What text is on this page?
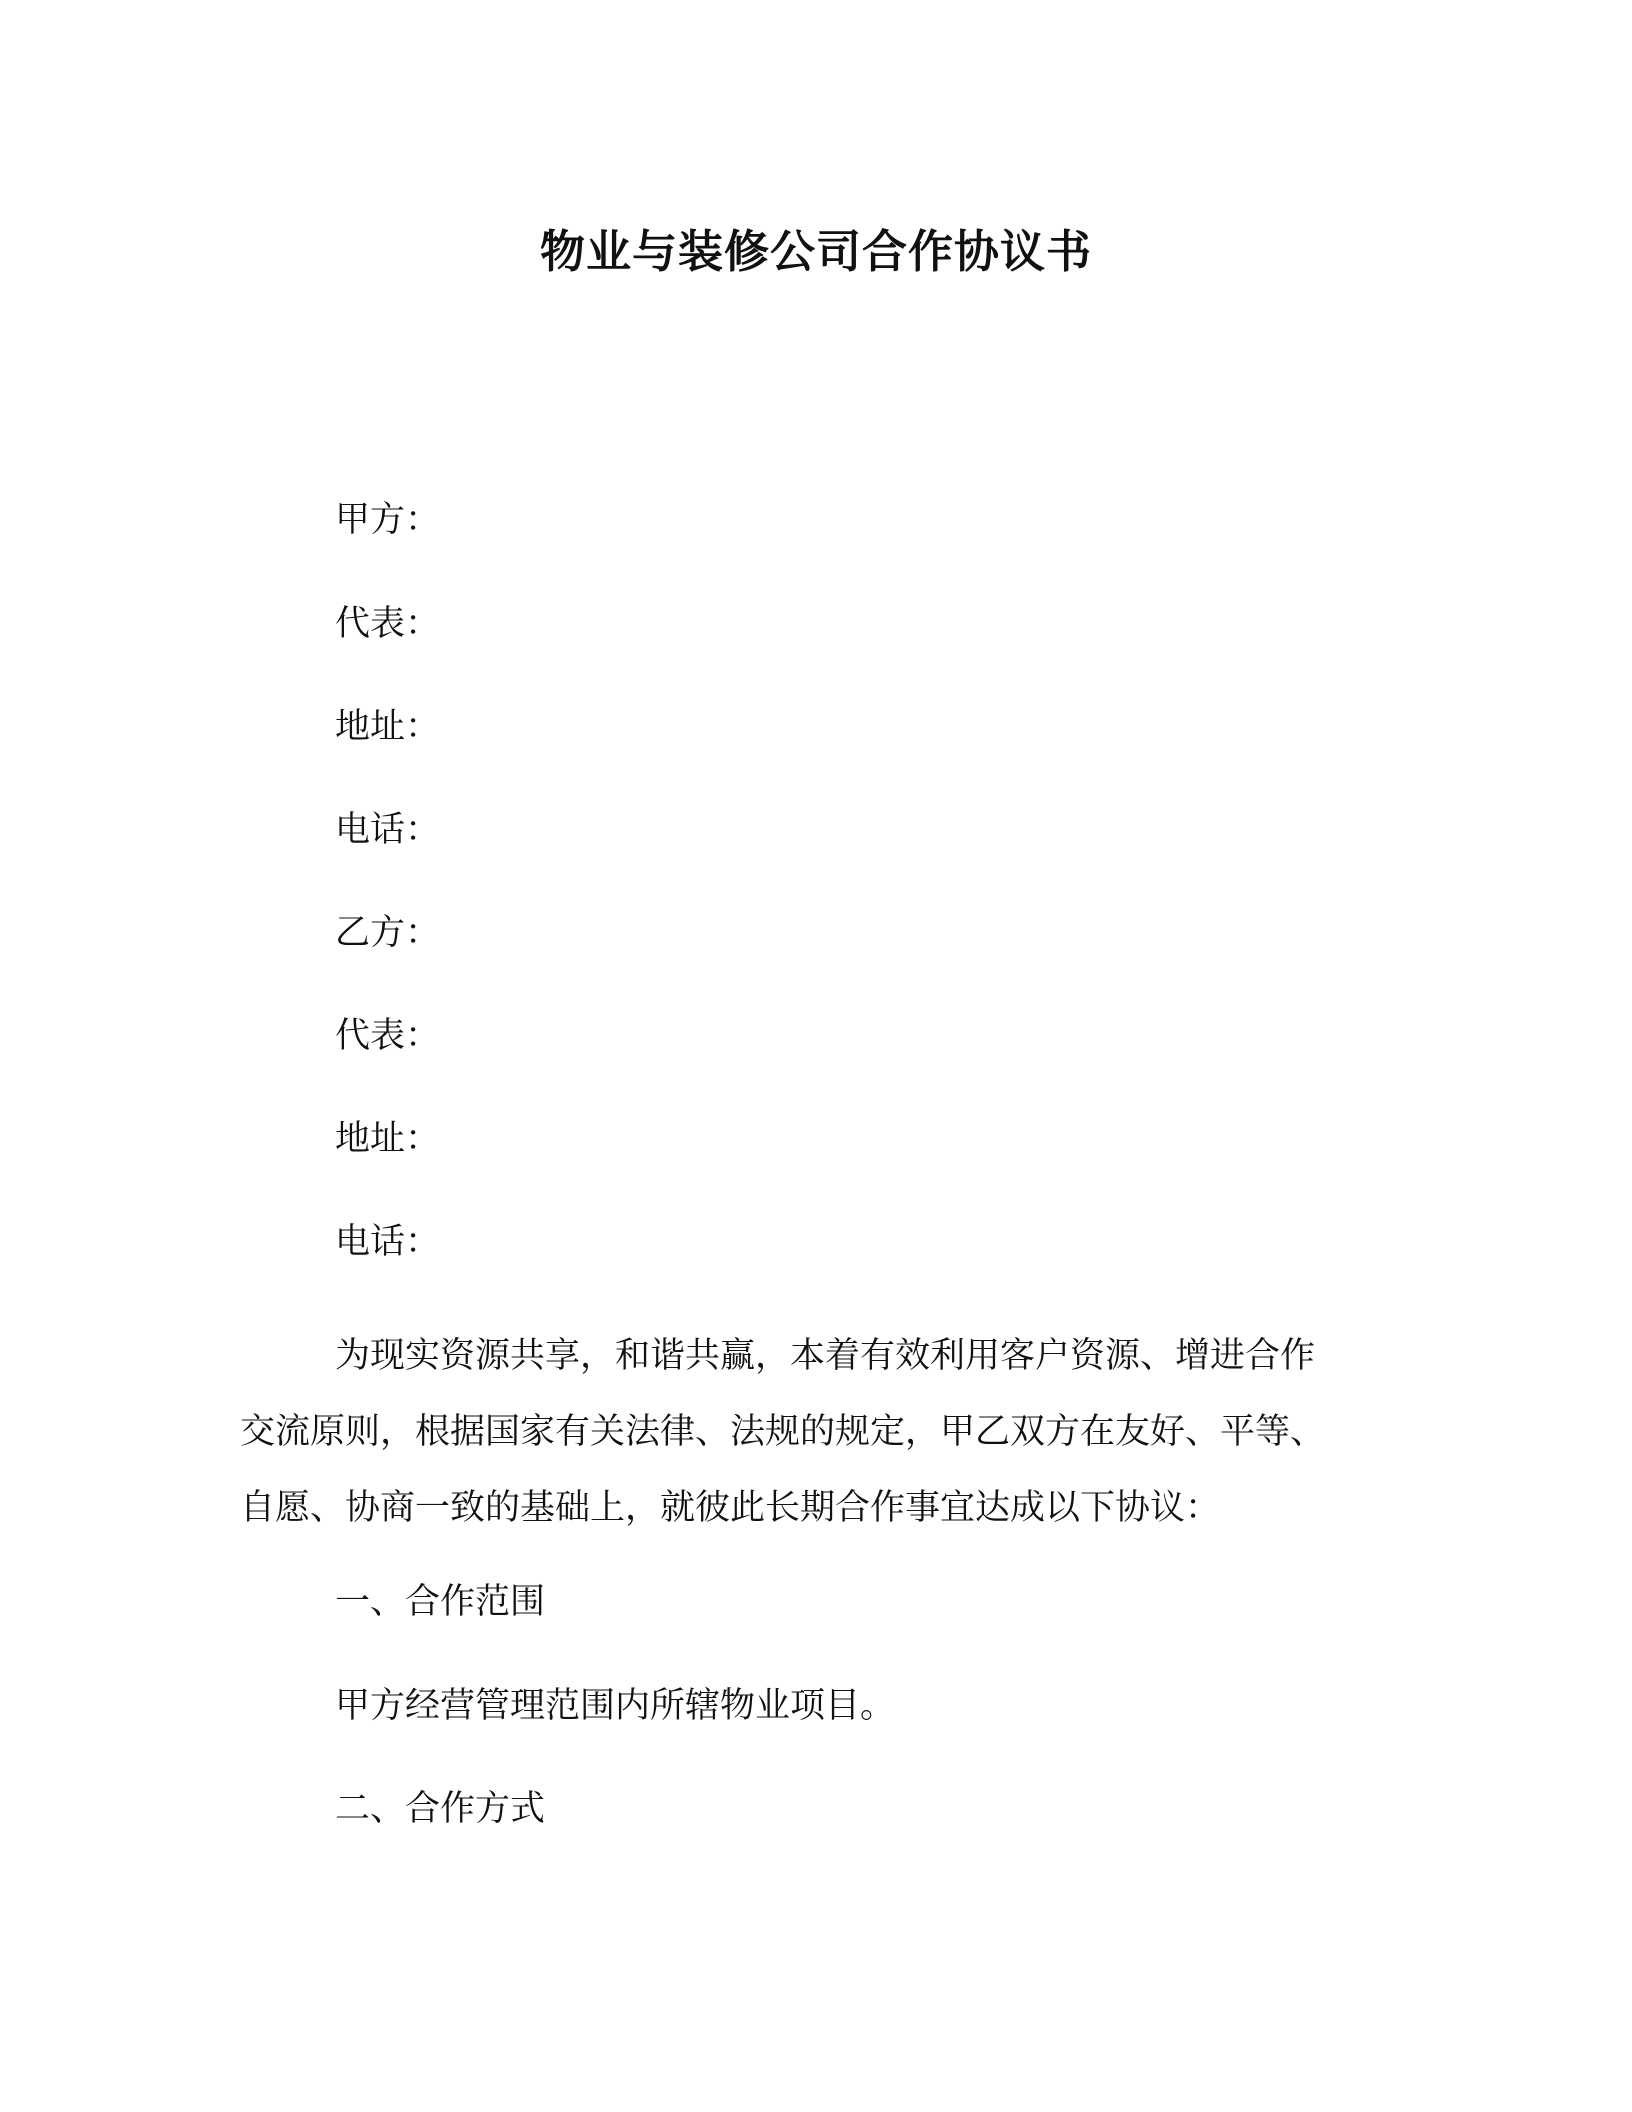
物业与装修公司合作协议书
甲方：
代表：
地址：
电话：
乙方：
代表：
地址：
电话：
为现实资源共享，和谐共赢，本着有效利用客户资源、增进合作
交流原则，根据国家有关法律、法规的规定，甲乙双方在友好、平等、
自愿、协商一致的基础上，就彼此长期合作事宜达成以下协议：
一、合作范围
甲方经营管理范围内所辖物业项目。
二、合作方式
